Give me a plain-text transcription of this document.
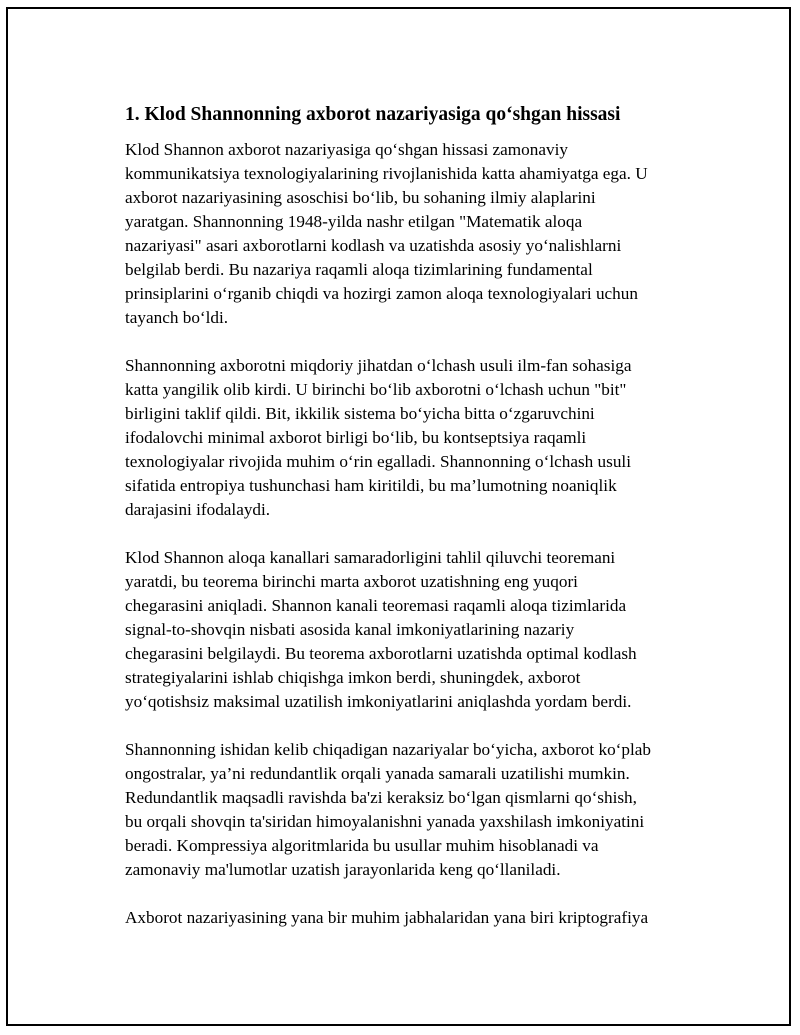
1. Klod Shannonning axborot nazariyasiga qo‘shgan hissasi
Klod Shannon axborot nazariyasiga qo‘shgan hissasi zamonaviy
kommunikatsiya texnologiyalarining rivojlanishida katta ahamiyatga ega. U
axborot nazariyasining asoschisi bo‘lib, bu sohaning ilmiy alaplarini
yaratgan. Shannonning 1948-yilda nashr etilgan "Matematik aloqa
nazariyasi" asari axborotlarni kodlash va uzatishda asosiy yo‘nalishlarni
belgilab berdi. Bu nazariya raqamli aloqa tizimlarining fundamental
prinsiplarini o‘rganib chiqdi va hozirgi zamon aloqa texnologiyalari uchun
tayanch bo‘ldi.
Shannonning axborotni miqdoriy jihatdan o‘lchash usuli ilm-fan sohasiga
katta yangilik olib kirdi. U birinchi bo‘lib axborotni o‘lchash uchun "bit"
birligini taklif qildi. Bit, ikkilik sistema bo‘yicha bitta o‘zgaruvchini
ifodalovchi minimal axborot birligi bo‘lib, bu kontseptsiya raqamli
texnologiyalar rivojida muhim o‘rin egalladi. Shannonning o‘lchash usuli
sifatida entropiya tushunchasi ham kiritildi, bu ma’lumotning noaniqlik
darajasini ifodalaydi.
Klod Shannon aloqa kanallari samaradorligini tahlil qiluvchi teoremani
yaratdi, bu teorema birinchi marta axborot uzatishning eng yuqori
chegarasini aniqladi. Shannon kanali teoremasi raqamli aloqa tizimlarida
signal-to-shovqin nisbati asosida kanal imkoniyatlarining nazariy
chegarasini belgilaydi. Bu teorema axborotlarni uzatishda optimal kodlash
strategiyalarini ishlab chiqishga imkon berdi, shuningdek, axborot
yo‘qotishsiz maksimal uzatilish imkoniyatlarini aniqlashda yordam berdi.
Shannonning ishidan kelib chiqadigan nazariyalar bo‘yicha, axborot ko‘plab
ongostralar, ya’ni redundantlik orqali yanada samarali uzatilishi mumkin.
Redundantlik maqsadli ravishda ba'zi keraksiz bo‘lgan qismlarni qo‘shish,
bu orqali shovqin ta'siridan himoyalanishni yanada yaxshilash imkoniyatini
beradi. Kompressiya algoritmlarida bu usullar muhim hisoblanadi va
zamonaviy ma'lumotlar uzatish jarayonlarida keng qo‘llaniladi.
Axborot nazariyasining yana bir muhim jabhalaridan yana biri kriptografiya
